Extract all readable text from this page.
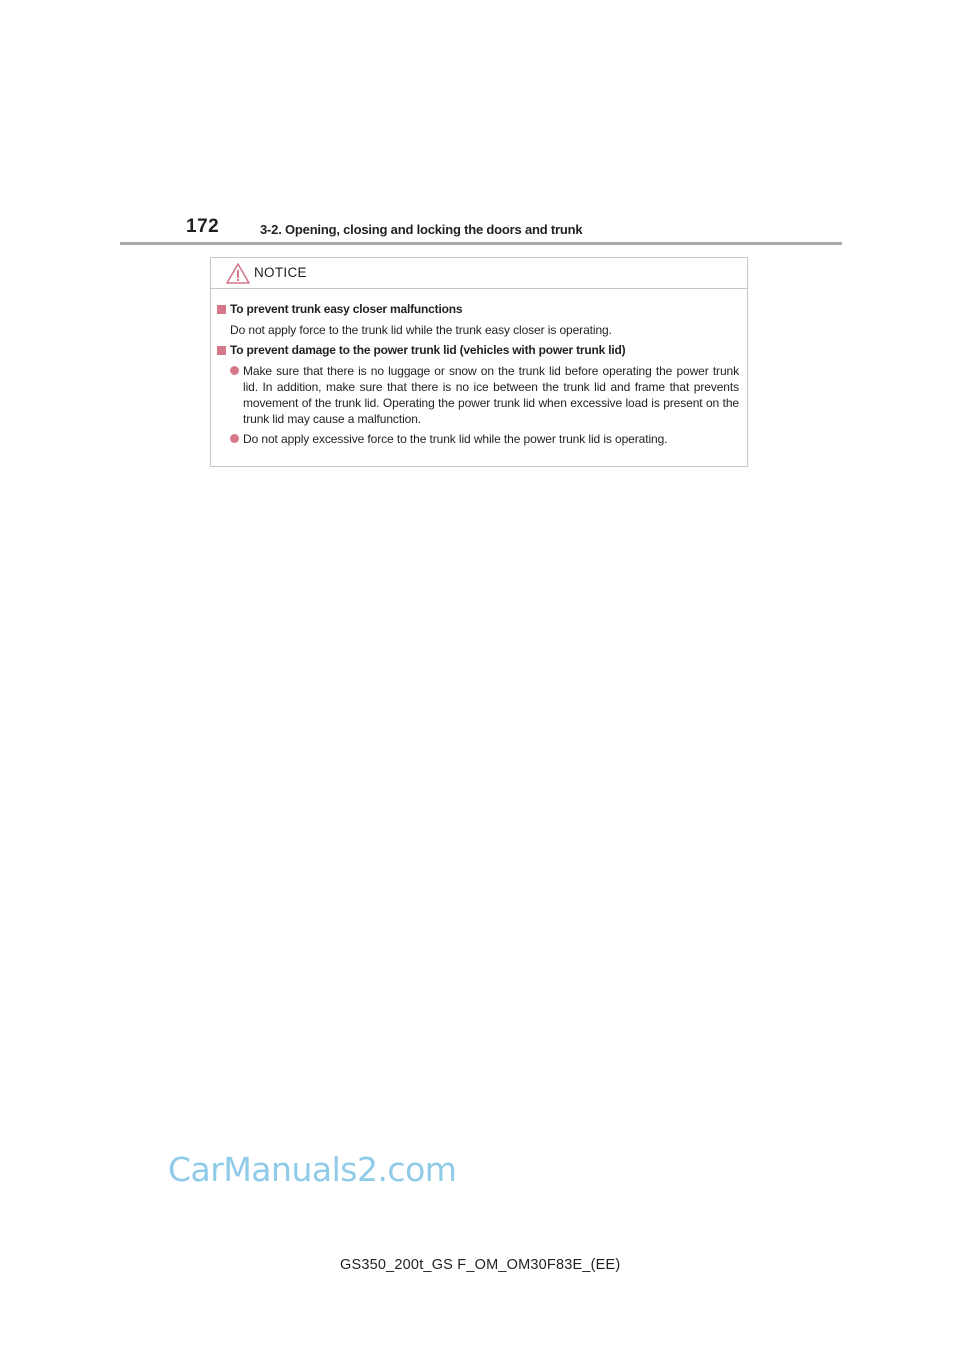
172	3-2. Opening, closing and locking the doors and trunk
NOTICE
To prevent trunk easy closer malfunctions
Do not apply force to the trunk lid while the trunk easy closer is operating.
To prevent damage to the power trunk lid (vehicles with power trunk lid)
Make sure that there is no luggage or snow on the trunk lid before operating the power trunk lid. In addition, make sure that there is no ice between the trunk lid and frame that prevents movement of the trunk lid. Operating the power trunk lid when excessive load is present on the trunk lid may cause a malfunction.
Do not apply excessive force to the trunk lid while the power trunk lid is operating.
CarManuals2.com
GS350_200t_GS F_OM_OM30F83E_(EE)
